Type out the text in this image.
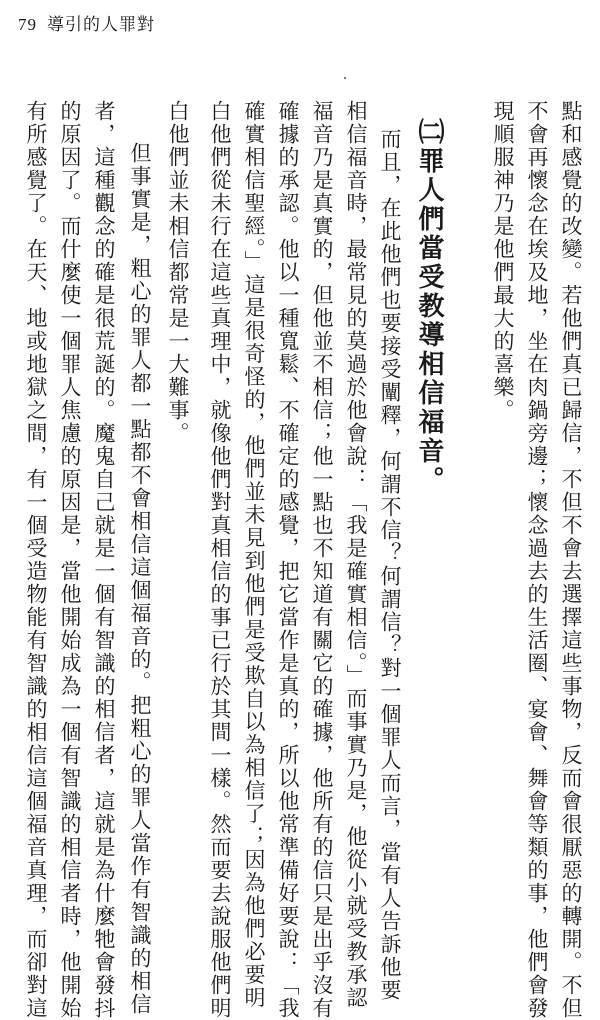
79 導引的人罪對
點和感覺的改變。若他們真已歸信，不但不會去選擇這些事物，反而會很厭惡的轉開。不但
不會再懷念在埃及地，坐在肉鍋旁邊；懷念過去的生活圈、宴會、舞會等類的事，他們會發
現順服神乃是他們最大的喜樂。
㈡罪人們當受教導相信福音。
而且，在此他們也要接受闡釋，何謂不信？何謂信？對一個罪人而言，當有人告訴他要
相信福音時，最常見的莫過於他會說：「我是確實相信。」而事實乃是，他從小就受教承認
福音乃是真實的，但他並不相信；他一點也不知道有關它的確據，他所有的信只是出乎沒有
確據的承認。他以一種寬鬆、不確定的感覺，把它當作是真的，所以他常準備好要說：「我
確實相信聖經。」這是很奇怪的，他們並未見到他們是受欺自以為相信了；因為他們必要明
白他們從未行在這些真理中，就像他們對真相信的事已行於其間一樣。然而要去說服他們明
白他們並未相信都常是一大難事。
但事實是，粗心的罪人都一點都不會相信這個福音的。把粗心的罪人當作有智識的相信
者，這種觀念的確是很荒誕的。魔鬼自己就是一個有智識的相信者，這就是為什麼牠會發抖
的原因了。而什麼使一個罪人焦慮的原因是，當他開始成為一個有智識的相信者時，他開始
有所感覺了。在天、地或地獄之間，有一個受造物能有智識的相信這個福音真理，而卻對這
